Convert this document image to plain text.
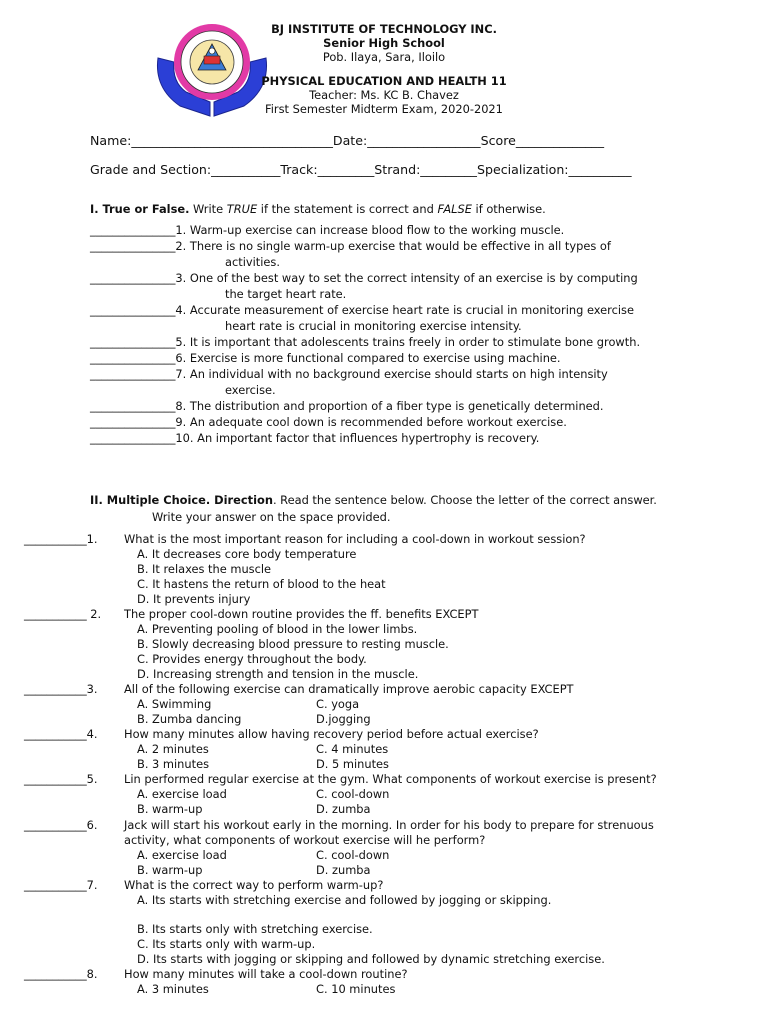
BJ INSTITUTE OF TECHNOLOGY INC.
Senior High School
Pob. Ilaya, Sara, Iloilo
PHYSICAL EDUCATION AND HEALTH 11
Teacher: Ms. KC B. Chavez
First Semester Midterm Exam, 2020-2021
Name:________________________________Date:__________________Score______________
Grade and Section:___________Track:_________Strand:_________Specialization:__________
I. True or False. Write TRUE if the statement is correct and FALSE if otherwise.
_______________1. Warm-up exercise can increase blood flow to the working muscle.
_______________2. There is no single warm-up exercise that would be effective in all types of
activities.
_______________3. One of the best way to set the correct intensity of an exercise is by computing
the target heart rate.
_______________4. Accurate measurement of exercise heart rate is crucial in monitoring exercise
heart rate is crucial in monitoring exercise intensity.
_______________5. It is important that adolescents trains freely in order to stimulate bone growth.
_______________6. Exercise is more functional compared to exercise using machine.
_______________7. An individual with no background exercise should starts on high intensity
exercise.
_______________8. The distribution and proportion of a fiber type is genetically determined.
_______________9. An adequate cool down is recommended before workout exercise.
_______________10. An important factor that influences hypertrophy is recovery.
II. Multiple Choice. Direction. Read the sentence below. Choose the letter of the correct answer.
Write your answer on the space provided.
___________1. What is the most important reason for including a cool-down in workout session?
A. It decreases core body temperature
B. It relaxes the muscle
C. It hastens the return of blood to the heat
D. It prevents injury
___________ 2. The proper cool-down routine provides the ff. benefits EXCEPT
A. Preventing pooling of blood in the lower limbs.
B. Slowly decreasing blood pressure to resting muscle.
C. Provides energy throughout the body.
D. Increasing strength and tension in the muscle.
___________3. All of the following exercise can dramatically improve aerobic capacity EXCEPT
A. Swimming	C. yoga
B. Zumba dancing	D.jogging
___________4. How many minutes allow having recovery period before actual exercise?
A. 2 minutes	C. 4 minutes
B. 3 minutes	D. 5 minutes
___________5. Lin performed regular exercise at the gym. What components of workout exercise is present?
A. exercise load	C. cool-down
B. warm-up	D. zumba
___________6. Jack will start his workout early in the morning. In order for his body to prepare for strenuous
activity, what components of workout exercise will he perform?
A. exercise load	C. cool-down
B. warm-up	D. zumba
___________7. What is the correct way to perform warm-up?
A. Its starts with stretching exercise and followed by jogging or skipping.
B. Its starts only with stretching exercise.
C. Its starts only with warm-up.
D. Its starts with jogging or skipping and followed by dynamic stretching exercise.
___________8. How many minutes will take a cool-down routine?
A. 3 minutes	C. 10 minutes
